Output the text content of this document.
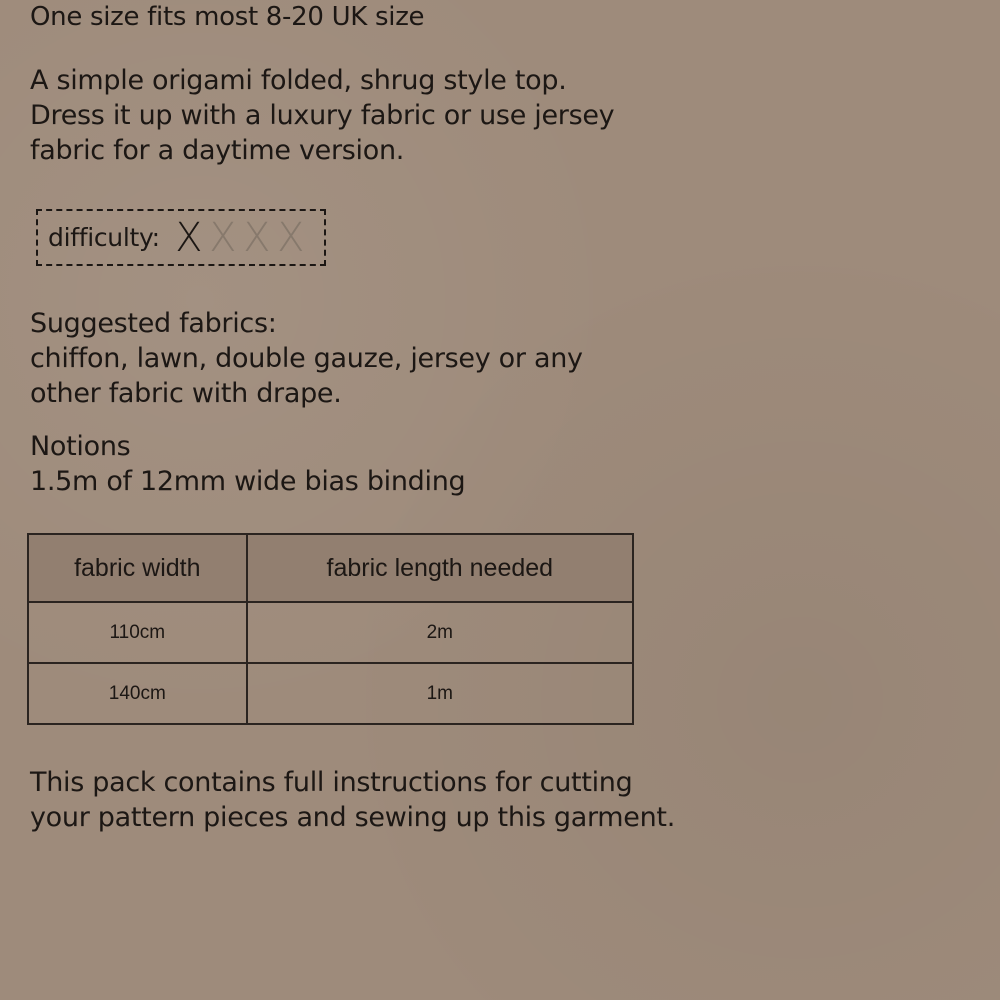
One size fits most 8-20 UK size
A simple origami folded, shrug style top.
Dress it up with a luxury fabric or use jersey
fabric for a daytime version.
difficulty: X X X X
Suggested fabrics:
chiffon, lawn, double gauze, jersey or any
other fabric with drape.
Notions
1.5m of 12mm wide bias binding
fabric width	fabric length needed
110cm	2m
140cm	1m
This pack contains full instructions for cutting
your pattern pieces and sewing up this garment.
